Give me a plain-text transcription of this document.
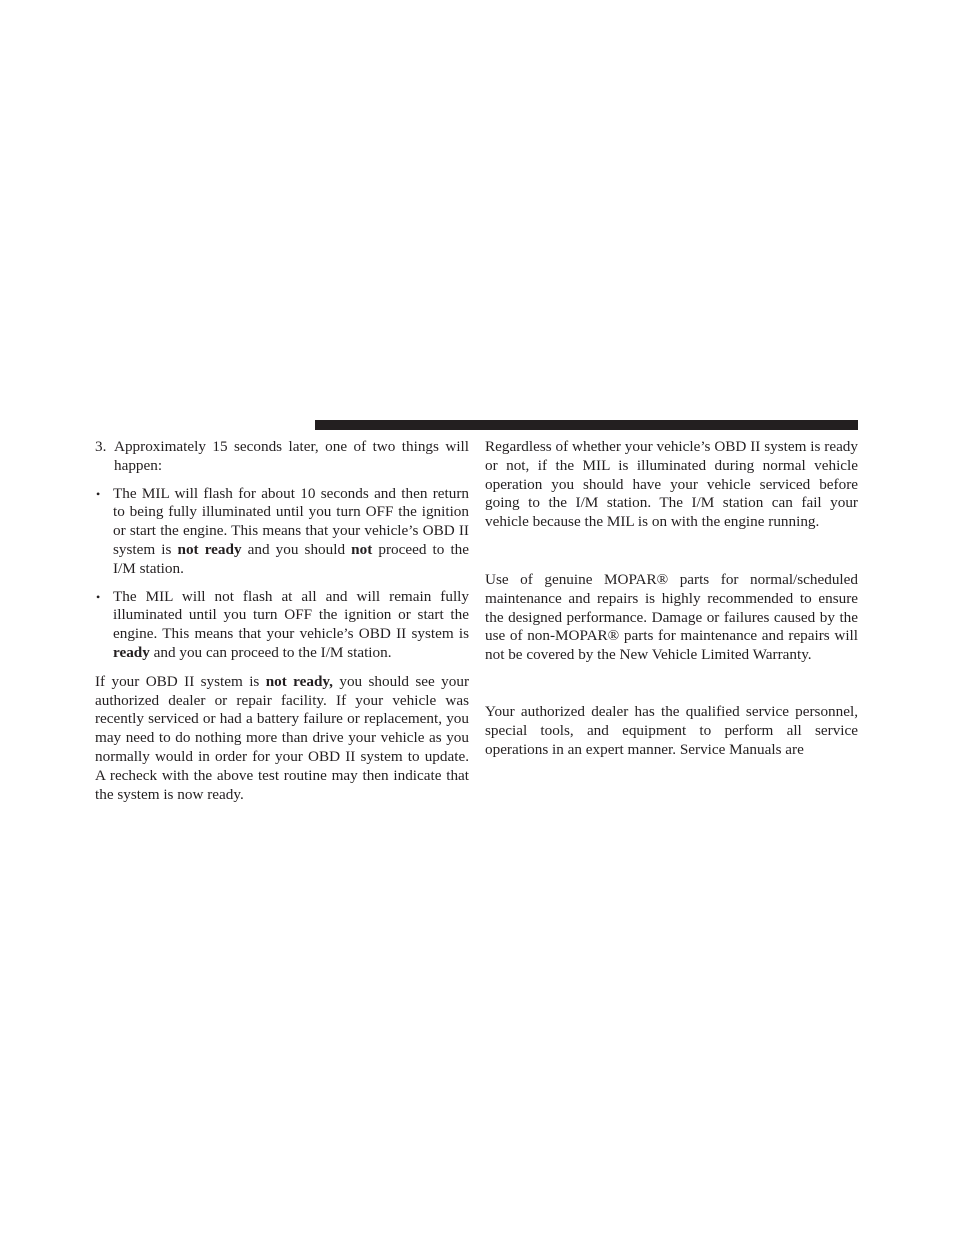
3. Approximately 15 seconds later, one of two things will happen:
• The MIL will flash for about 10 seconds and then return to being fully illuminated until you turn OFF the ignition or start the engine. This means that your vehicle’s OBD II system is not ready and you should not proceed to the I/M station.
• The MIL will not flash at all and will remain fully illuminated until you turn OFF the ignition or start the engine. This means that your vehicle’s OBD II system is ready and you can proceed to the I/M station.

If your OBD II system is not ready, you should see your authorized dealer or repair facility. If your vehicle was recently serviced or had a battery failure or replacement, you may need to do nothing more than drive your vehicle as you normally would in order for your OBD II system to update. A recheck with the above test routine may then indicate that the system is now ready.

Regardless of whether your vehicle’s OBD II system is ready or not, if the MIL is illuminated during normal vehicle operation you should have your vehicle serviced before going to the I/M station. The I/M station can fail your vehicle because the MIL is on with the engine running.

Use of genuine MOPAR® parts for normal/scheduled maintenance and repairs is highly recommended to ensure the designed performance. Damage or failures caused by the use of non-MOPAR® parts for maintenance and repairs will not be covered by the New Vehicle Limited Warranty.

Your authorized dealer has the qualified service personnel, special tools, and equipment to perform all service operations in an expert manner. Service Manuals are
